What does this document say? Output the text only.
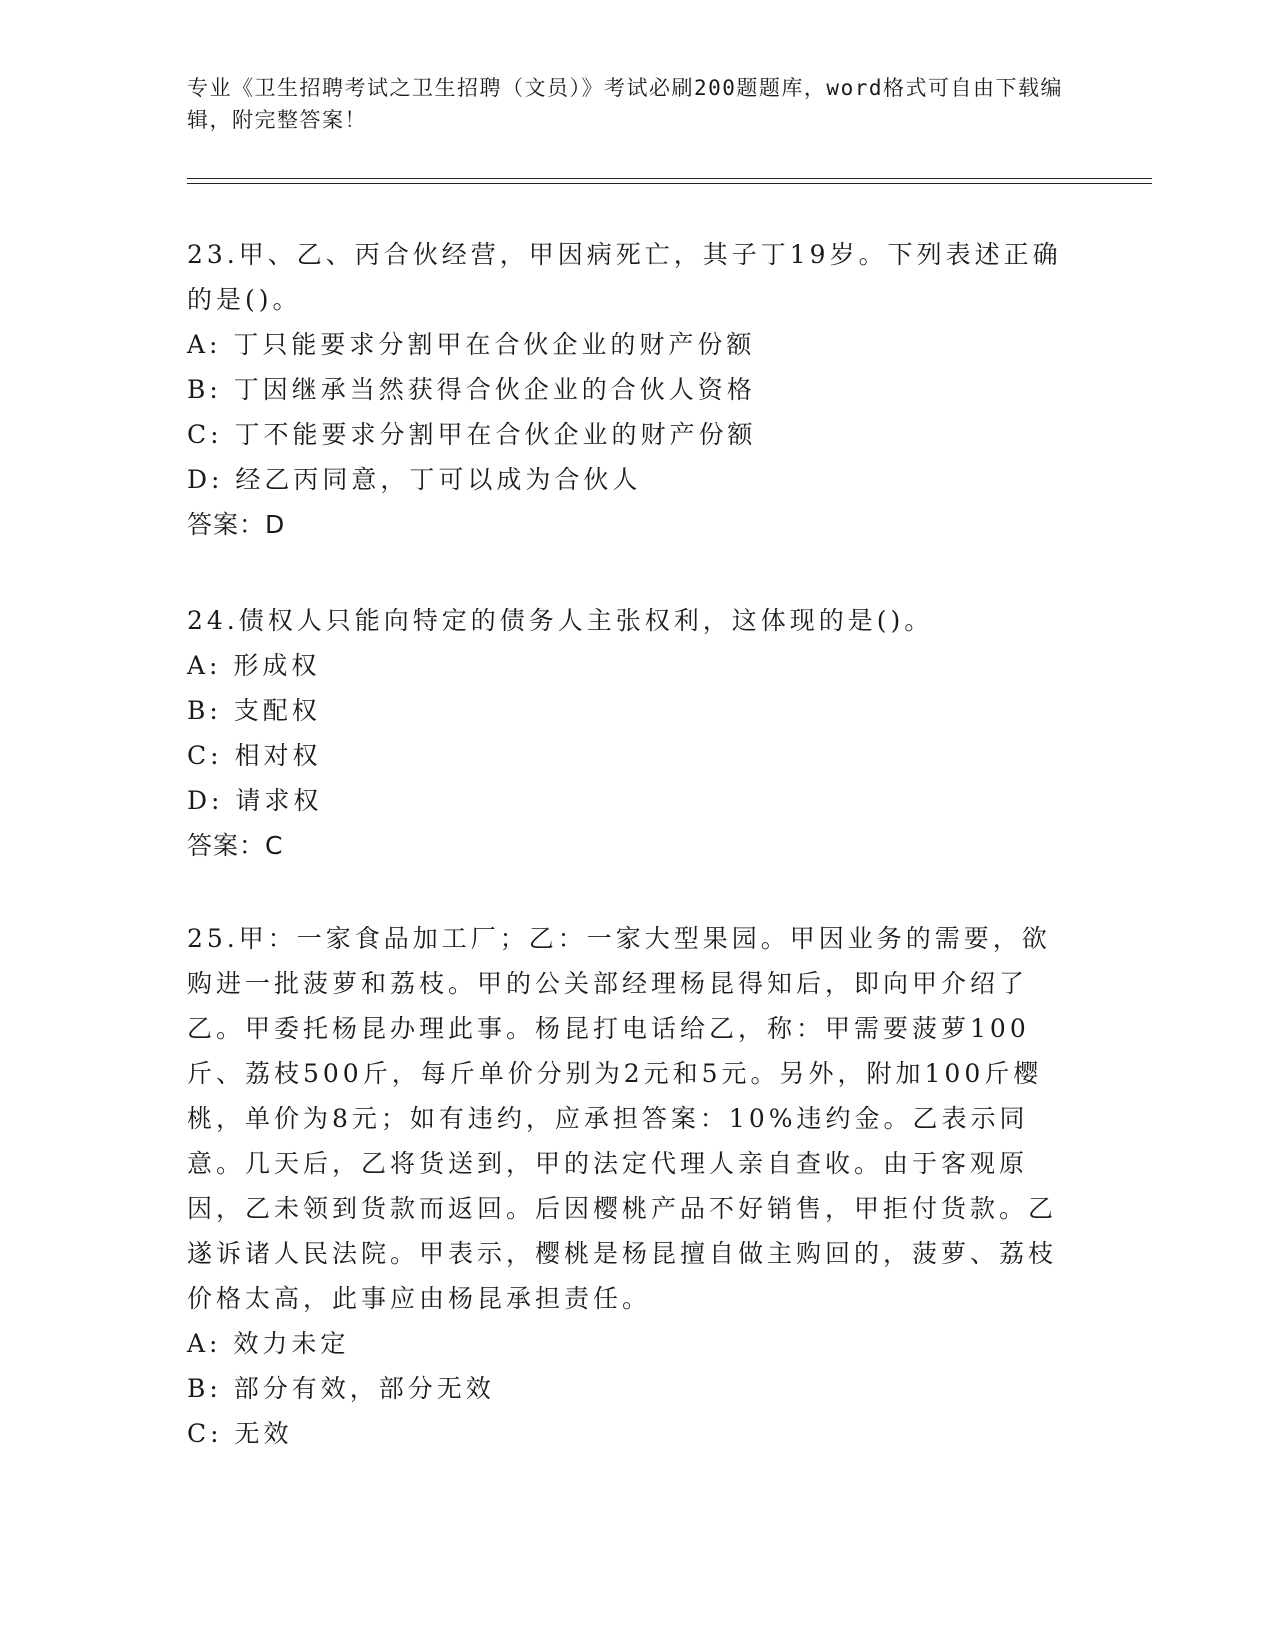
专业《卫生招聘考试之卫生招聘（文员）》考试必刷200题题库，word格式可自由下载编辑，附完整答案！
23.甲、乙、丙合伙经营，甲因病死亡，其子丁19岁。下列表述正确的是()。
A: 丁只能要求分割甲在合伙企业的财产份额
B: 丁因继承当然获得合伙企业的合伙人资格
C: 丁不能要求分割甲在合伙企业的财产份额
D: 经乙丙同意，丁可以成为合伙人
答案：D
24.债权人只能向特定的债务人主张权利，这体现的是()。
A: 形成权
B: 支配权
C: 相对权
D: 请求权
答案：C
25.甲：一家食品加工厂；乙：一家大型果园。甲因业务的需要，欲购进一批菠萝和荔枝。甲的公关部经理杨昆得知后，即向甲介绍了乙。甲委托杨昆办理此事。杨昆打电话给乙，称：甲需要菠萝100斤、荔枝500斤，每斤单价分别为2元和5元。另外，附加100斤樱桃，单价为8元；如有违约，应承担答案：10%违约金。乙表示同意。几天后，乙将货送到，甲的法定代理人亲自查收。由于客观原因，乙未领到货款而返回。后因樱桃产品不好销售，甲拒付货款。乙遂诉诸人民法院。甲表示，樱桃是杨昆擅自做主购回的，菠萝、荔枝价格太高，此事应由杨昆承担责任。
A: 效力未定
B: 部分有效，部分无效
C: 无效
